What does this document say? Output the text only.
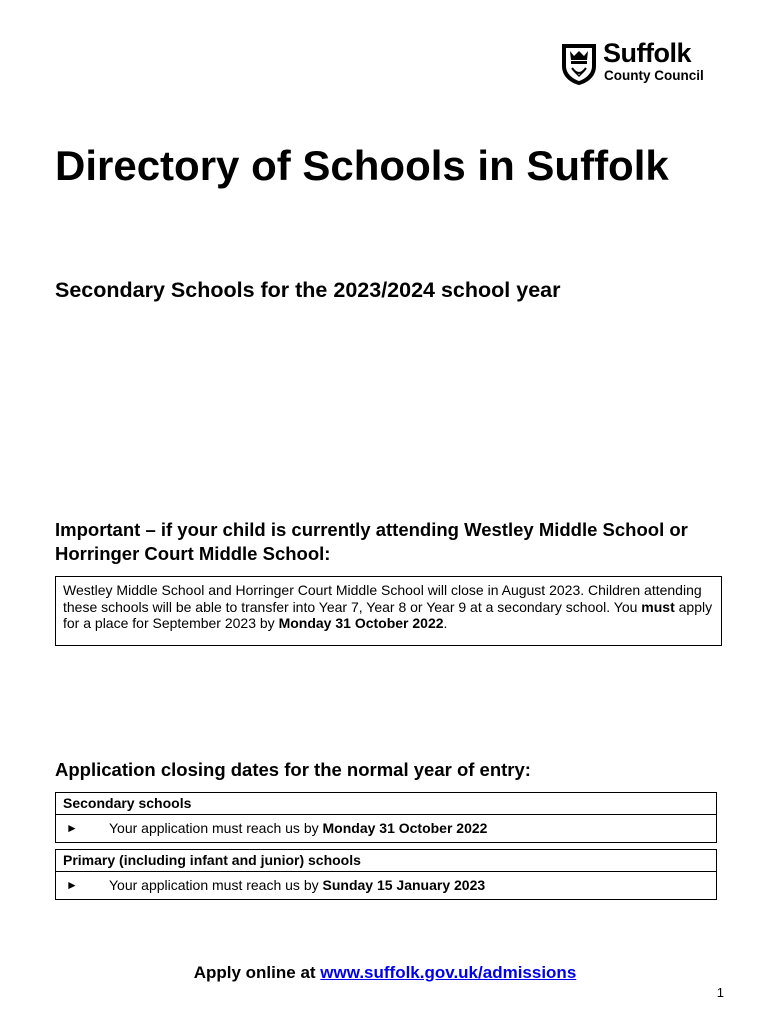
Suffolk
County Council
Directory of Schools in Suffolk
Secondary Schools for the 2023/2024 school year
Important – if your child is currently attending Westley Middle School or Horringer Court Middle School:
Westley Middle School and Horringer Court Middle School will close in August 2023. Children attending these schools will be able to transfer into Year 7, Year 8 or Year 9 at a secondary school. You must apply for a place for September 2023 by Monday 31 October 2022.
Application closing dates for the normal year of entry:
Secondary schools
► Your application must reach us by Monday 31 October 2022
Primary (including infant and junior) schools
► Your application must reach us by Sunday 15 January 2023
Apply online at www.suffolk.gov.uk/admissions
1
